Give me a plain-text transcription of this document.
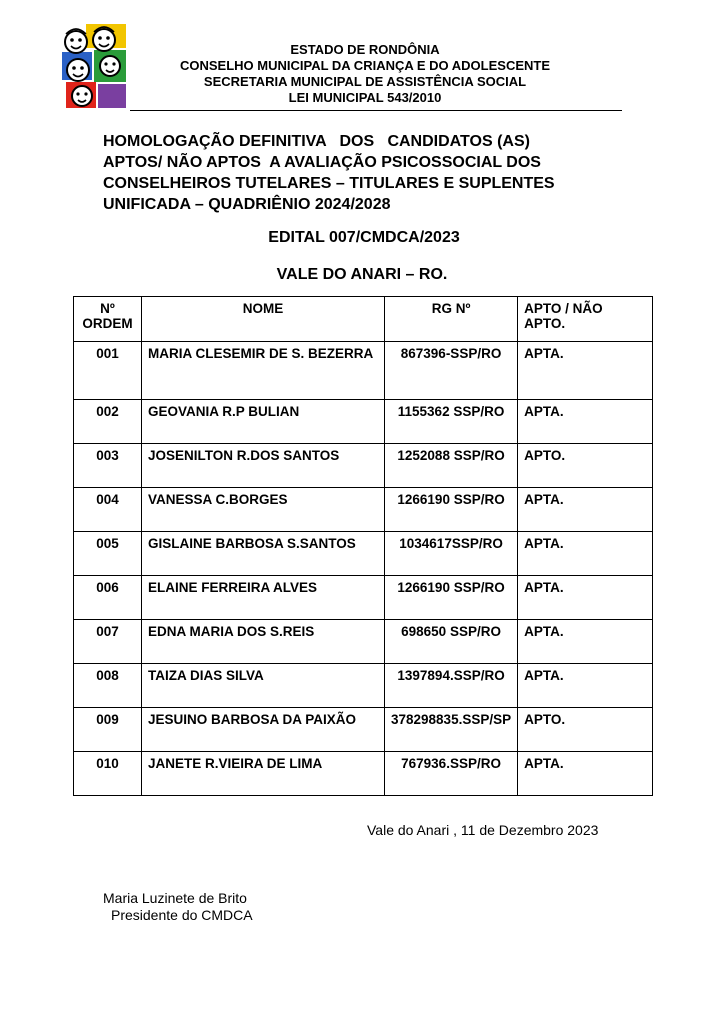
ESTADO DE RONDÔNIA
CONSELHO MUNICIPAL DA CRIANÇA E DO ADOLESCENTE
SECRETARIA MUNICIPAL DE ASSISTÊNCIA SOCIAL
LEI MUNICIPAL 543/2010
HOMOLOGAÇÃO DEFINITIVA   DOS   CANDIDATOS (AS)
APTOS/ NÃO APTOS  A AVALIAÇÃO PSICOSSOCIAL DOS
CONSELHEIROS TUTELARES – TITULARES E SUPLENTES
UNIFICADA – QUADRIÊNIO 2024/2028
EDITAL 007/CMDCA/2023
VALE DO ANARI – RO.
Nº ORDEM	NOME	RG Nº	APTO / NÃO APTO.
001	MARIA CLESEMIR DE S. BEZERRA	867396-SSP/RO	APTA.
002	GEOVANIA R.P BULIAN	1155362 SSP/RO	APTA.
003	JOSENILTON R.DOS SANTOS	1252088 SSP/RO	APTO.
004	VANESSA C.BORGES	1266190 SSP/RO	APTA.
005	GISLAINE BARBOSA S.SANTOS	1034617SSP/RO	APTA.
006	ELAINE FERREIRA ALVES	1266190 SSP/RO	APTA.
007	EDNA MARIA DOS S.REIS	698650 SSP/RO	APTA.
008	TAIZA DIAS SILVA	1397894.SSP/RO	APTA.
009	JESUINO BARBOSA DA PAIXÃO	378298835.SSP/SP	APTO.
010	JANETE R.VIEIRA DE LIMA	767936.SSP/RO	APTA.
Vale do Anari , 11 de Dezembro 2023
Maria Luzinete de Brito
Presidente do CMDCA
